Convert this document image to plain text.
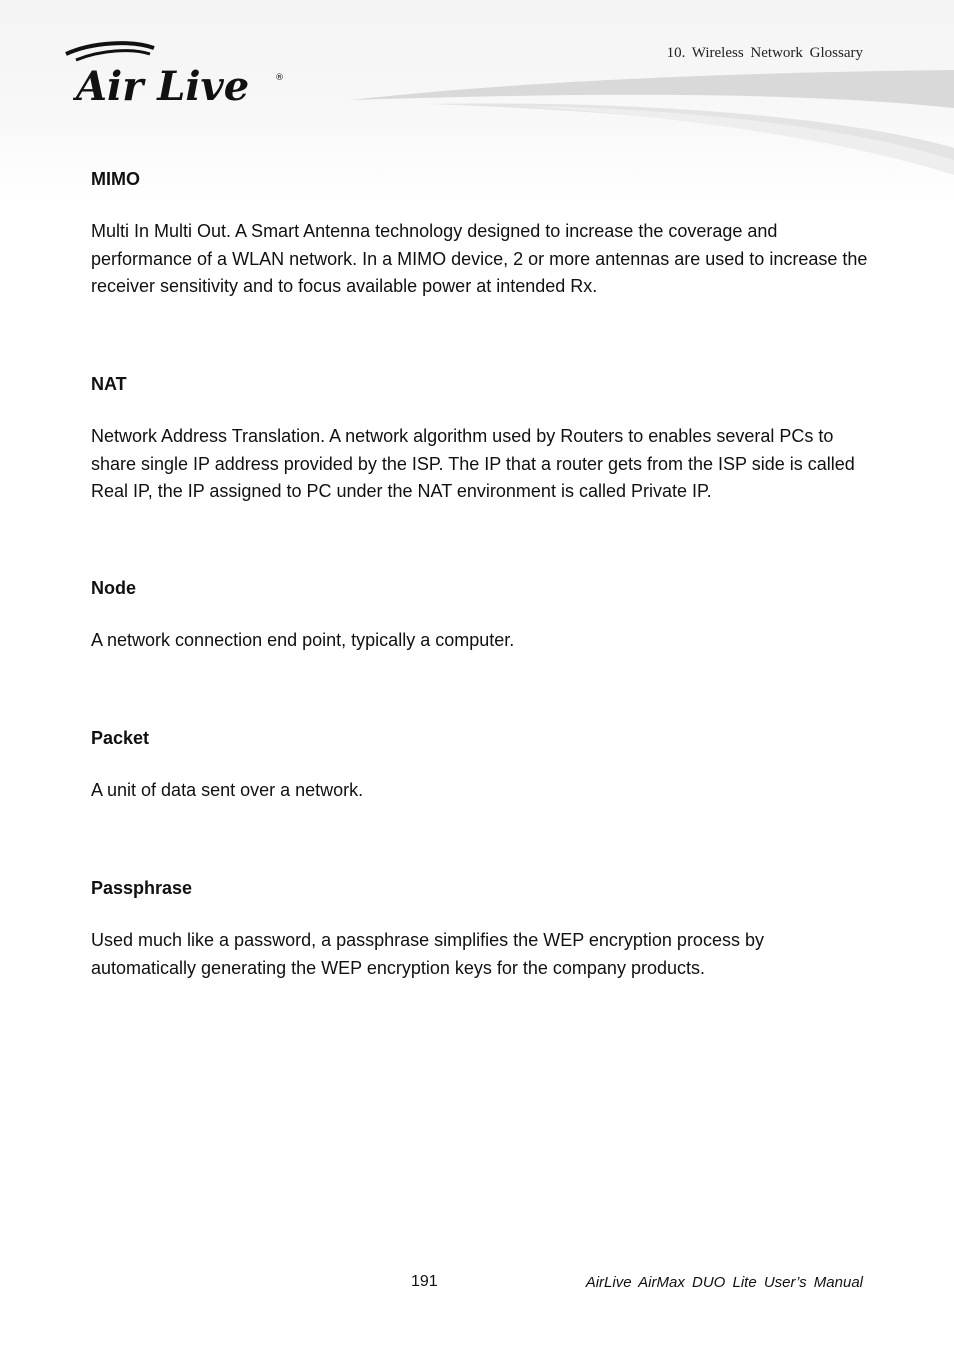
Air Live	®
10. Wireless Network Glossary

MIMO

Multi In Multi Out. A Smart Antenna technology designed to increase the coverage and performance of a WLAN network. In a MIMO device, 2 or more antennas are used to increase the receiver sensitivity and to focus available power at intended Rx.

NAT

Network Address Translation. A network algorithm used by Routers to enables several PCs to share single IP address provided by the ISP. The IP that a router gets from the ISP side is called Real IP, the IP assigned to PC under the NAT environment is called Private IP.

Node

A network connection end point, typically a computer.

Packet

A unit of data sent over a network.

Passphrase

Used much like a password, a passphrase simplifies the WEP encryption process by automatically generating the WEP encryption keys for the company products.

191	AirLive AirMax DUO Lite User’s Manual
